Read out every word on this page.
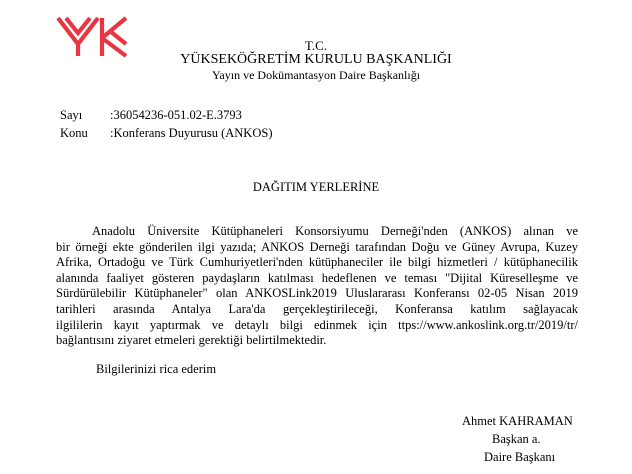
T.C.
YÜKSEKÖĞRETİM KURULU BAŞKANLIĞI
Yayın ve Dokümantasyon Daire Başkanlığı
Sayı :36054236-051.02-E.3793
Konu :Konferans Duyurusu (ANKOS)
DAĞITIM YERLERİNE
Anadolu Üniversite Kütüphaneleri Konsorsiyumu Derneği'nden (ANKOS) alınan ve
bir örneği ekte gönderilen ilgi yazıda; ANKOS Derneği tarafından Doğu ve Güney Avrupa, Kuzey
Afrika, Ortadoğu ve Türk Cumhuriyetleri'nden kütüphaneciler ile bilgi hizmetleri / kütüphanecilik
alanında faaliyet gösteren paydaşların katılması hedeflenen ve teması "Dijital Küreselleşme ve
Sürdürülebilir Kütüphaneler" olan ANKOSLink2019 Uluslararası Konferansı 02-05 Nisan 2019
tarihleri arasında Antalya Lara'da gerçekleştirileceği, Konferansa katılım sağlayacak
ilgililerin kayıt yaptırmak ve detaylı bilgi edinmek için ttps://www.ankoslink.org.tr/2019/tr/
bağlantısını ziyaret etmeleri gerektiği belirtilmektedir.
Bilgilerinizi rica ederim
Ahmet KAHRAMAN
Başkan a.
Daire Başkanı
